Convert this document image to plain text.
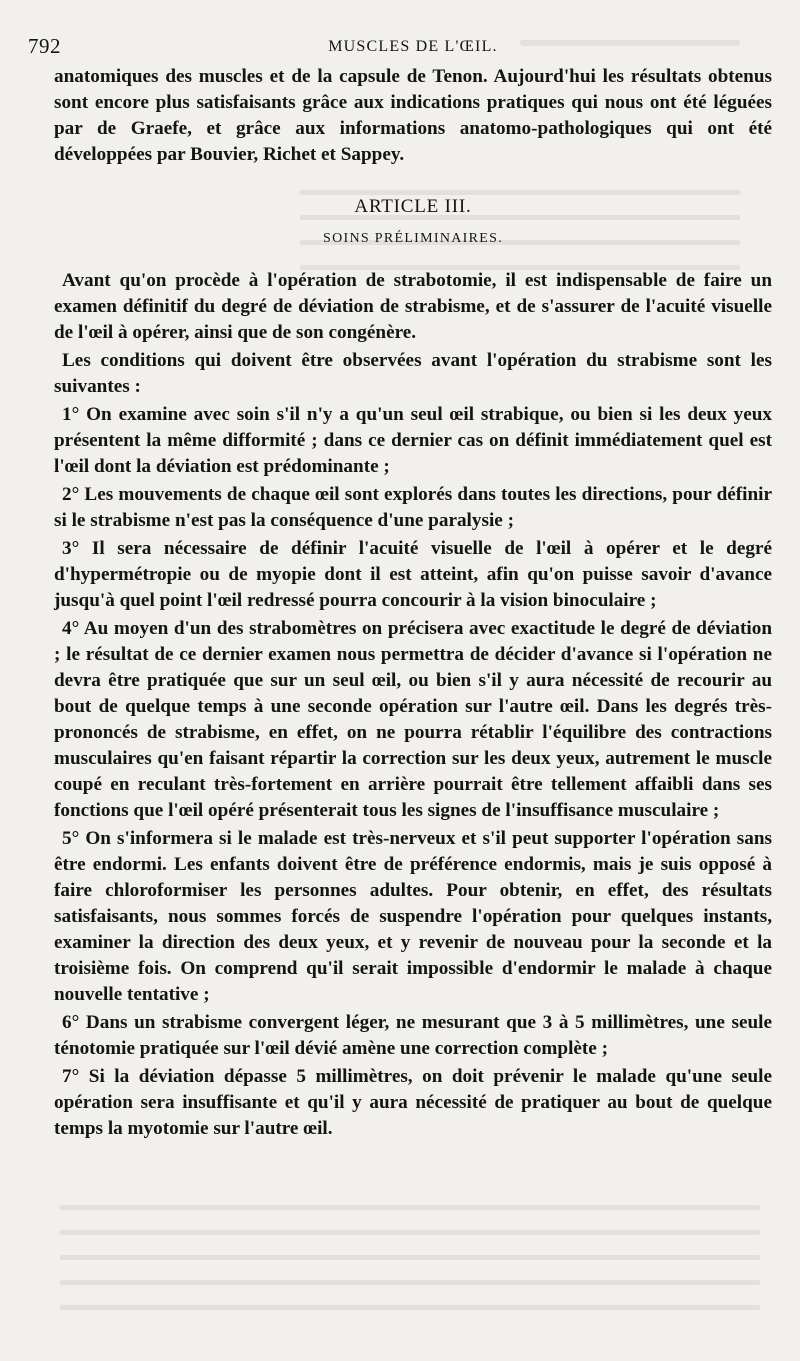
792	MUSCLES DE L'ŒIL.

anatomiques des muscles et de la capsule de Tenon. Aujourd'hui les résultats obtenus sont encore plus satisfaisants grâce aux indications pratiques qui nous ont été léguées par de Graefe, et grâce aux informations anatomo-pathologiques qui ont été développées par Bouvier, Richet et Sappey.

ARTICLE III.
SOINS PRÉLIMINAIRES.

Avant qu'on procède à l'opération de strabotomie, il est indispensable de faire un examen définitif du degré de déviation de strabisme, et de s'assurer de l'acuité visuelle de l'œil à opérer, ainsi que de son congénère.

Les conditions qui doivent être observées avant l'opération du strabisme sont les suivantes :

1° On examine avec soin s'il n'y a qu'un seul œil strabique, ou bien si les deux yeux présentent la même difformité ; dans ce dernier cas on définit immédiatement quel est l'œil dont la déviation est prédominante ;

2° Les mouvements de chaque œil sont explorés dans toutes les directions, pour définir si le strabisme n'est pas la conséquence d'une paralysie ;

3° Il sera nécessaire de définir l'acuité visuelle de l'œil à opérer et le degré d'hypermétropie ou de myopie dont il est atteint, afin qu'on puisse savoir d'avance jusqu'à quel point l'œil redressé pourra concourir à la vision binoculaire ;

4° Au moyen d'un des strabomètres on précisera avec exactitude le degré de déviation ; le résultat de ce dernier examen nous permettra de décider d'avance si l'opération ne devra être pratiquée que sur un seul œil, ou bien s'il y aura nécessité de recourir au bout de quelque temps à une seconde opération sur l'autre œil. Dans les degrés très-prononcés de strabisme, en effet, on ne pourra rétablir l'équilibre des contractions musculaires qu'en faisant répartir la correction sur les deux yeux, autrement le muscle coupé en reculant très-fortement en arrière pourrait être tellement affaibli dans ses fonctions que l'œil opéré présenterait tous les signes de l'insuffisance musculaire ;

5° On s'informera si le malade est très-nerveux et s'il peut supporter l'opération sans être endormi. Les enfants doivent être de préférence endormis, mais je suis opposé à faire chloroformiser les personnes adultes. Pour obtenir, en effet, des résultats satisfaisants, nous sommes forcés de suspendre l'opération pour quelques instants, examiner la direction des deux yeux, et y revenir de nouveau pour la seconde et la troisième fois. On comprend qu'il serait impossible d'endormir le malade à chaque nouvelle tentative ;

6° Dans un strabisme convergent léger, ne mesurant que 3 à 5 millimètres, une seule ténotomie pratiquée sur l'œil dévié amène une correction complète ;

7° Si la déviation dépasse 5 millimètres, on doit prévenir le malade qu'une seule opération sera insuffisante et qu'il y aura nécessité de pratiquer au bout de quelque temps la myotomie sur l'autre œil.
